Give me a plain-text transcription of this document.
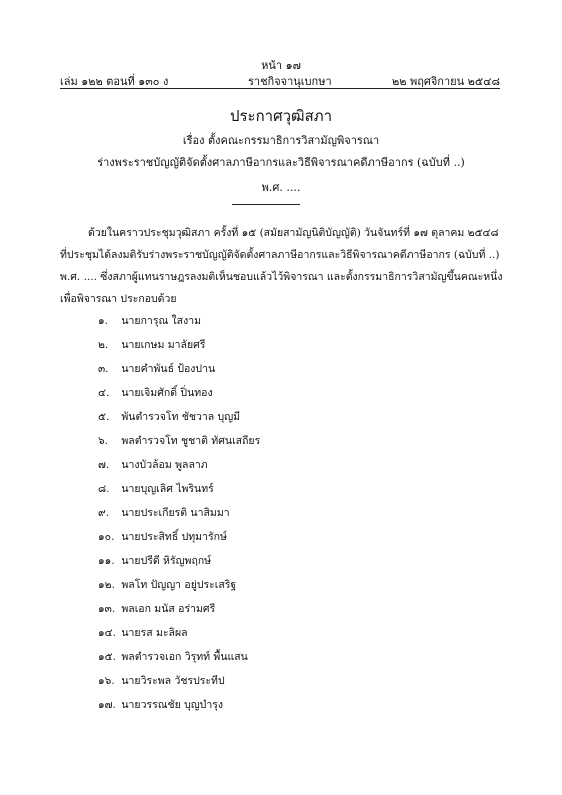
หน้า ๑๗
เล่ม ๑๒๒ ตอนที่ ๑๓๐ ง	ราชกิจจานุเบกษา	๒๒ พฤศจิกายน ๒๕๔๘
ประกาศวุฒิสภา
เรื่อง ตั้งคณะกรรมาธิการวิสามัญพิจารณา
ร่างพระราชบัญญัติจัดตั้งศาลภาษีอากรและวิธีพิจารณาคดีภาษีอากร (ฉบับที่ ..)
พ.ศ. ....
ด้วยในคราวประชุมวุฒิสภา ครั้งที่ ๑๕ (สมัยสามัญนิติบัญญัติ) วันจันทร์ที่ ๑๗ ตุลาคม ๒๕๔๘
ที่ประชุมได้ลงมติรับร่างพระราชบัญญัติจัดตั้งศาลภาษีอากรและวิธีพิจารณาคดีภาษีอากร (ฉบับที่ ..)
พ.ศ. .... ซึ่งสภาผู้แทนราษฎรลงมติเห็นชอบแล้วไว้พิจารณา และตั้งกรรมาธิการวิสามัญขึ้นคณะหนึ่ง
เพื่อพิจารณา ประกอบด้วย
๑. นายการุณ ใสงาม
๒. นายเกษม มาลัยศรี
๓. นายคำพันธ์ ป้องปาน
๔. นายเจิมศักดิ์ ปิ่นทอง
๕. พันตำรวจโท ชัชวาล บุญมี
๖. พลตำรวจโท ชูชาติ ทัศนเสถียร
๗. นางบัวล้อม พูลลาภ
๘. นายบุญเลิศ ไพรินทร์
๙. นายประเกียรติ นาสิมมา
๑๐. นายประสิทธิ์ ปทุมารักษ์
๑๑. นายปรีดี หิรัญพฤกษ์
๑๒. พลโท ปัญญา อยู่ประเสริฐ
๑๓. พลเอก มนัส อร่ามศรี
๑๔. นายรส มะลิผล
๑๕. พลตำรวจเอก วิรุทท์ พื้นแสน
๑๖. นายวิระพล วัชรประทีป
๑๗. นายวรรณชัย บุญบำรุง
